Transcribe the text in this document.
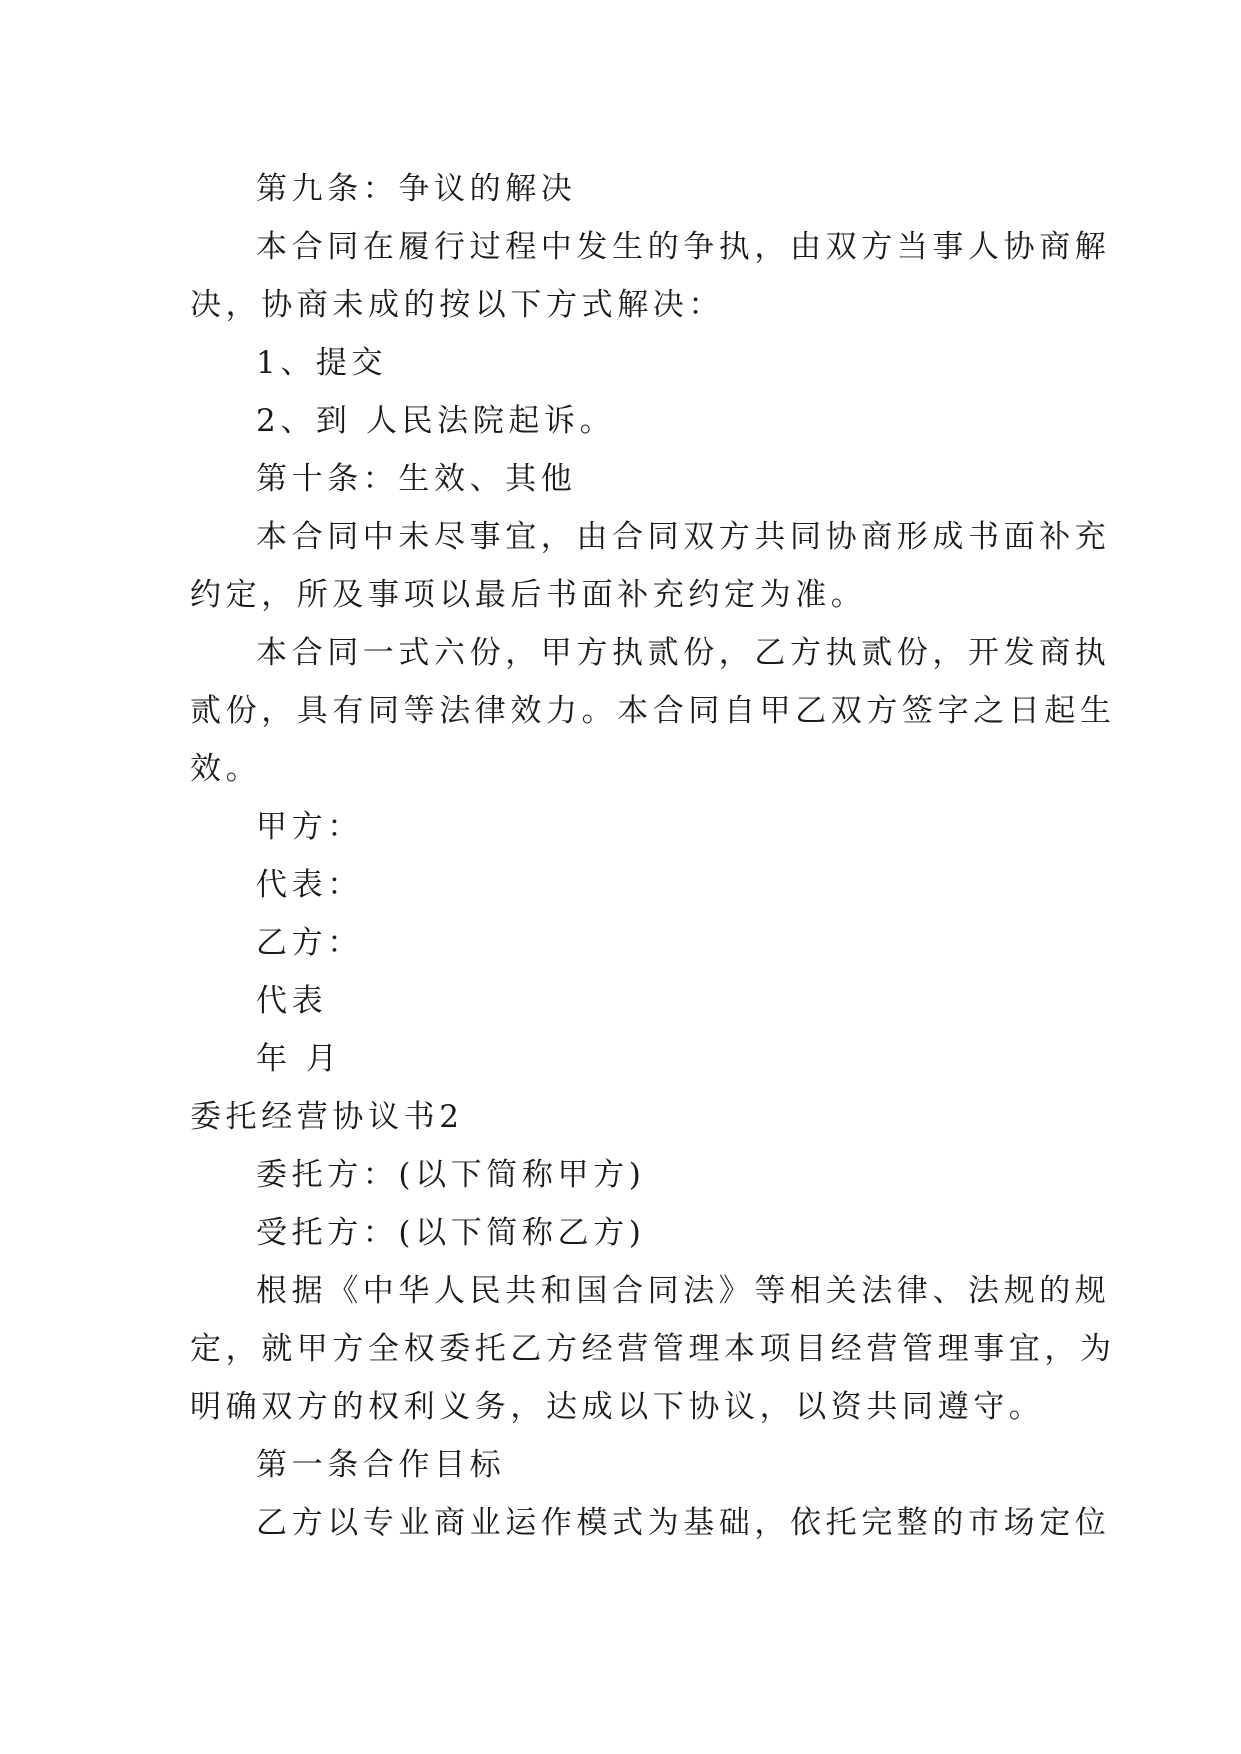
第九条：争议的解决
本合同在履行过程中发生的争执，由双方当事人协商解
决，协商未成的按以下方式解决：
1、提交
2、到 人民法院起诉。
第十条：生效、其他
本合同中未尽事宜，由合同双方共同协商形成书面补充
约定，所及事项以最后书面补充约定为准。
本合同一式六份，甲方执贰份，乙方执贰份，开发商执
贰份，具有同等法律效力。本合同自甲乙双方签字之日起生
效。
甲方：
代表：
乙方：
代表
年 月
委托经营协议书2
委托方：(以下简称甲方)
受托方：(以下简称乙方)
根据《中华人民共和国合同法》等相关法律、法规的规
定，就甲方全权委托乙方经营管理本项目经营管理事宜，为
明确双方的权利义务，达成以下协议，以资共同遵守。
第一条合作目标
乙方以专业商业运作模式为基础，依托完整的市场定位
